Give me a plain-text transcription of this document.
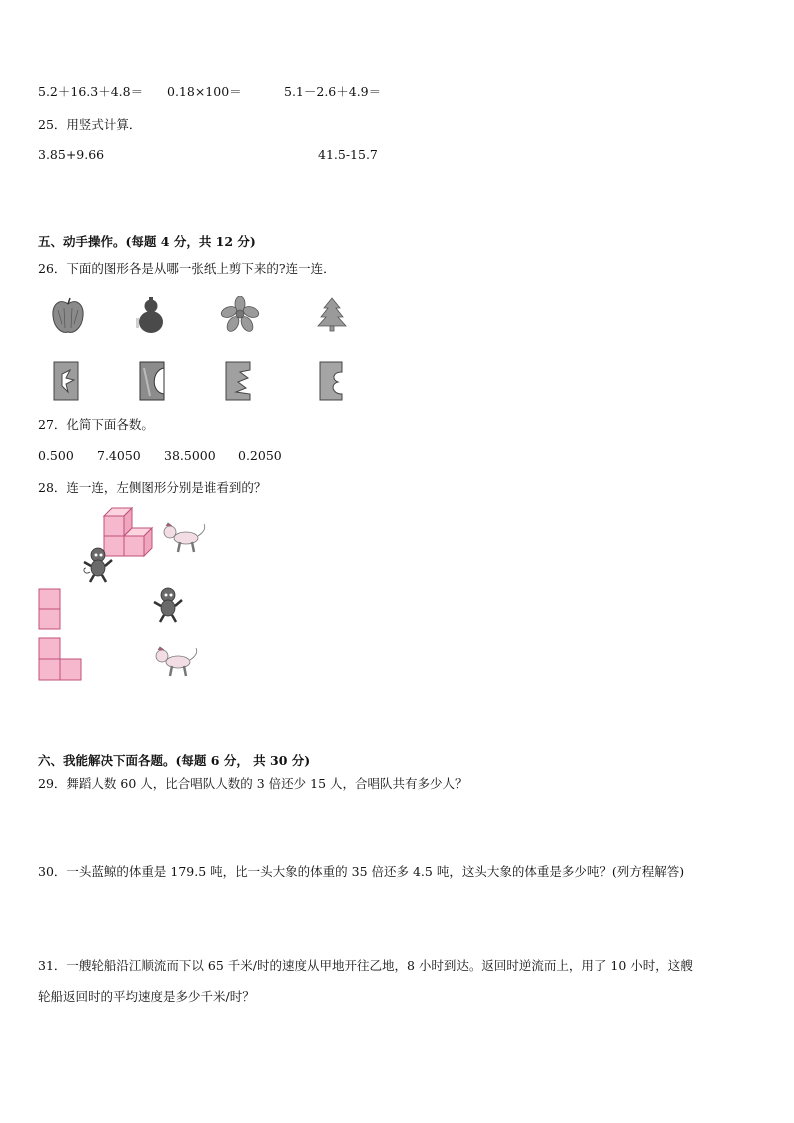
5.2＋16.3＋4.8＝ 0.18×100＝	5.1－2.6＋4.9＝
25．用竖式计算．
3.85+9.66	41.5-15.7
五、动手操作。(每题 4 分，共 12 分)
26．下面的图形各是从哪一张纸上剪下来的?连一连．
27．化简下面各数。
0.500 7.4050 38.5000 0.2050
28．连一连，左侧图形分别是谁看到的？
六、我能解决下面各题。(每题 6 分， 共 30 分)
29．舞蹈人数 60 人，比合唱队人数的 3 倍还少 15 人，合唱队共有多少人？
30．一头蓝鲸的体重是 179.5 吨，比一头大象的体重的 35 倍还多 4.5 吨，这头大象的体重是多少吨？(列方程解答)
31．一艘轮船沿江顺流而下以 65 千米/时的速度从甲地开往乙地，8 小时到达。返回时逆流而上，用了 10 小时，这艘
轮船返回时的平均速度是多少千米/时？
